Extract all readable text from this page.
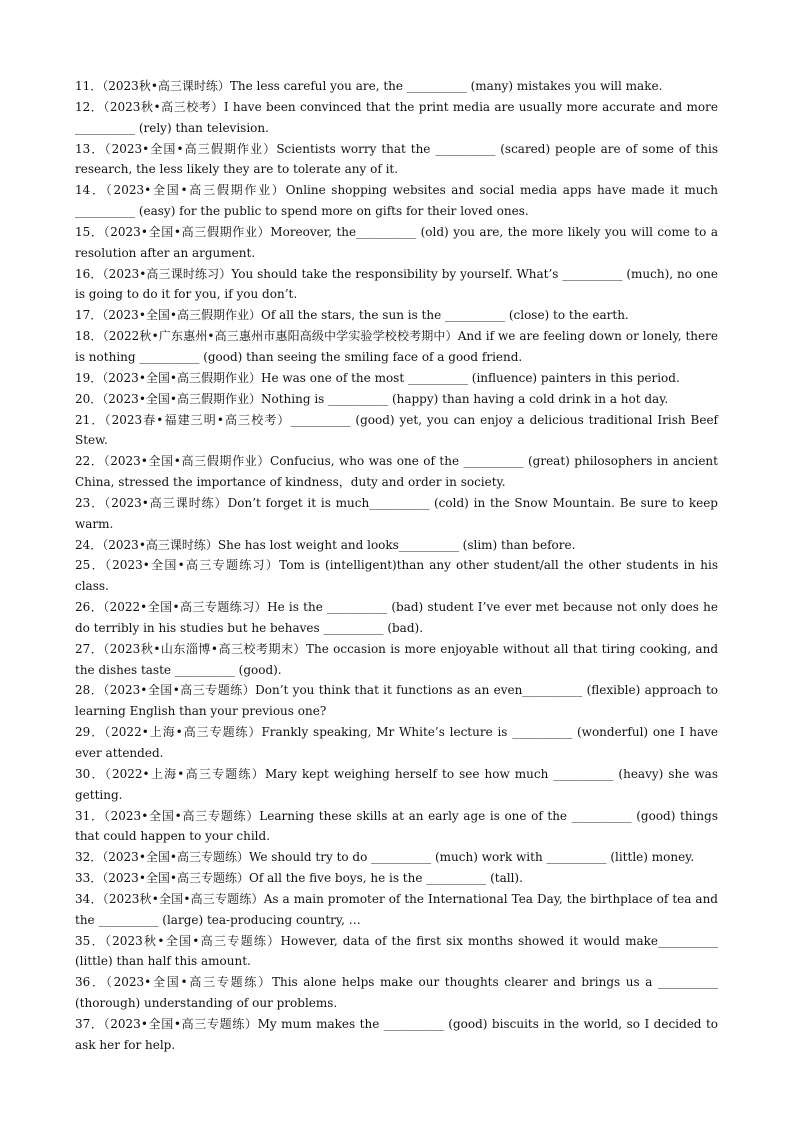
11．（2023秋•高三课时练）The less careful you are, the __________ (many) mistakes you will make.

12．（2023秋•高三校考）I have been convinced that the print media are usually more accurate and more __________ (rely) than television.

13．（2023•全国•高三假期作业）Scientists worry that the __________ (scared) people are of some of this research, the less likely they are to tolerate any of it.

14．（2023•全国•高三假期作业）Online shopping websites and social media apps have made it much __________ (easy) for the public to spend more on gifts for their loved ones.

15．（2023•全国•高三假期作业）Moreover, the__________ (old) you are, the more likely you will come to a resolution after an argument.

16．（2023•高三课时练习）You should take the responsibility by yourself. What’s __________ (much), no one is going to do it for you, if you don’t.

17．（2023•全国•高三假期作业）Of all the stars, the sun is the __________ (close) to the earth.

18．（2022秋•广东惠州•高三惠州市惠阳高级中学实验学校校考期中）And if we are feeling down or lonely, there is nothing __________ (good) than seeing the smiling face of a good friend.

19．（2023•全国•高三假期作业）He was one of the most __________ (influence) painters in this period.

20．（2023•全国•高三假期作业）Nothing is __________ (happy) than having a cold drink in a hot day.

21．（2023春•福建三明•高三校考）__________ (good) yet, you can enjoy a delicious traditional Irish Beef Stew.

22．（2023•全国•高三假期作业）Confucius, who was one of the __________ (great) philosophers in ancient China, stressed the importance of kindness，duty and order in society.

23．（2023•高三课时练）Don’t forget it is much__________ (cold) in the Snow Mountain. Be sure to keep warm.

24．（2023•高三课时练）She has lost weight and looks__________ (slim) than before.

25．（2023•全国•高三专题练习）Tom is (intelligent)than any other student/all the other students in his class.

26．（2022•全国•高三专题练习）He is the __________ (bad) student I’ve ever met because not only does he do terribly in his studies but he behaves __________ (bad).

27．（2023秋•山东淄博•高三校考期末）The occasion is more enjoyable without all that tiring cooking, and the dishes taste __________ (good).

28．（2023•全国•高三专题练）Don’t you think that it functions as an even__________ (flexible) approach to learning English than your previous one?

29．（2022•上海•高三专题练）Frankly speaking, Mr White’s lecture is __________ (wonderful) one I have ever attended.

30．（2022•上海•高三专题练）Mary kept weighing herself to see how much __________ (heavy) she was getting.

31．（2023•全国•高三专题练）Learning these skills at an early age is one of the __________ (good) things that could happen to your child.

32．（2023•全国•高三专题练）We should try to do __________ (much) work with __________ (little) money.

33．（2023•全国•高三专题练）Of all the five boys, he is the __________ (tall).

34．（2023秋•全国•高三专题练）As a main promoter of the International Tea Day, the birthplace of tea and the __________ (large) tea-producing country, …

35．（2023秋•全国•高三专题练）However, data of the first six months showed it would make__________ (little) than half this amount.

36．（2023•全国•高三专题练）This alone helps make our thoughts clearer and brings us a __________ (thorough) understanding of our problems.

37．（2023•全国•高三专题练）My mum makes the __________ (good) biscuits in the world, so I decided to ask her for help.
